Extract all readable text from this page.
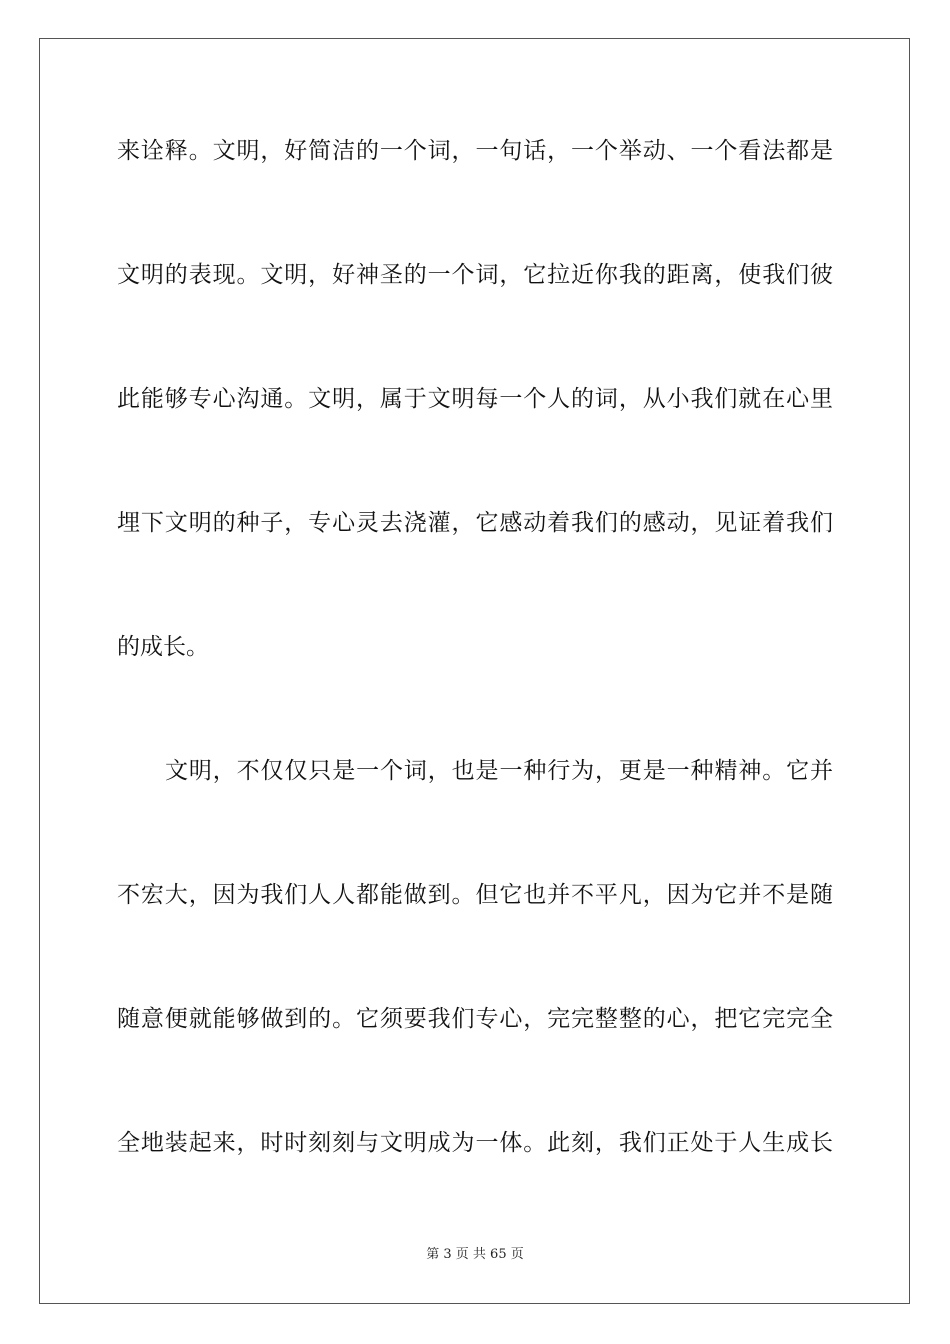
来诠释。文明，好简洁的一个词，一句话，一个举动、一个看法都是
文明的表现。文明，好神圣的一个词，它拉近你我的距离，使我们彼
此能够专心沟通。文明，属于文明每一个人的词，从小我们就在心里
埋下文明的种子，专心灵去浇灌，它感动着我们的感动，见证着我们
的成长。
文明，不仅仅只是一个词，也是一种行为，更是一种精神。它并
不宏大，因为我们人人都能做到。但它也并不平凡，因为它并不是随
随意便就能够做到的。它须要我们专心，完完整整的心，把它完完全
全地装起来，时时刻刻与文明成为一体。此刻，我们正处于人生成长
第 3 页 共 65 页
